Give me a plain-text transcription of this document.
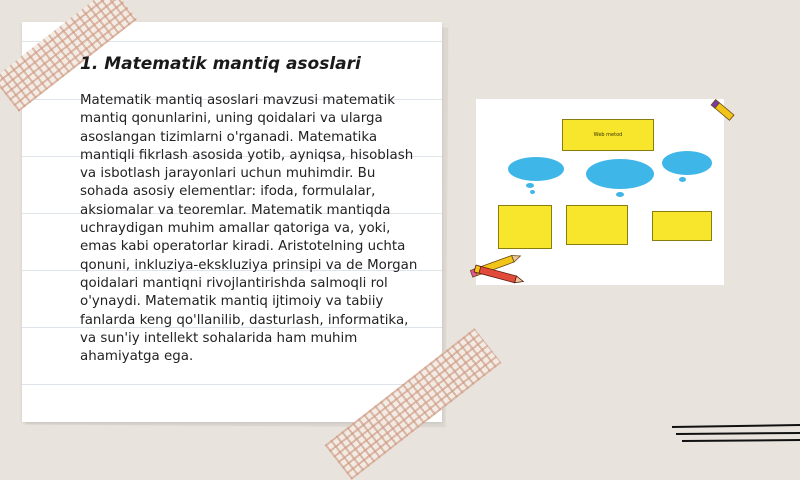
1. Matematik mantiq asoslari

Matematik mantiq asoslari mavzusi matematik mantiq qonunlarini, uning qoidalari va ularga asoslangan tizimlarni o'rganadi. Matematika mantiqli fikrlash asosida yotib, ayniqsa, hisoblash va isbotlash jarayonlari uchun muhimdir. Bu sohada asosiy elementlar: ifoda, formulalar, aksiomalar va teoremlar. Matematik mantiqda uchraydigan muhim amallar qatoriga va, yoki, emas kabi operatorlar kiradi. Aristotelning uchta qonuni, inkluziya-ekskluziya prinsipi va de Morgan qoidalari mantiqni rivojlantirishda salmoqli rol o'ynaydi. Matematik mantiq ijtimoiy va tabiiy fanlarda keng qo'llanilib, dasturlash, informatika, va sun'iy intellekt sohalarida ham muhim ahamiyatga ega.

Web metod
